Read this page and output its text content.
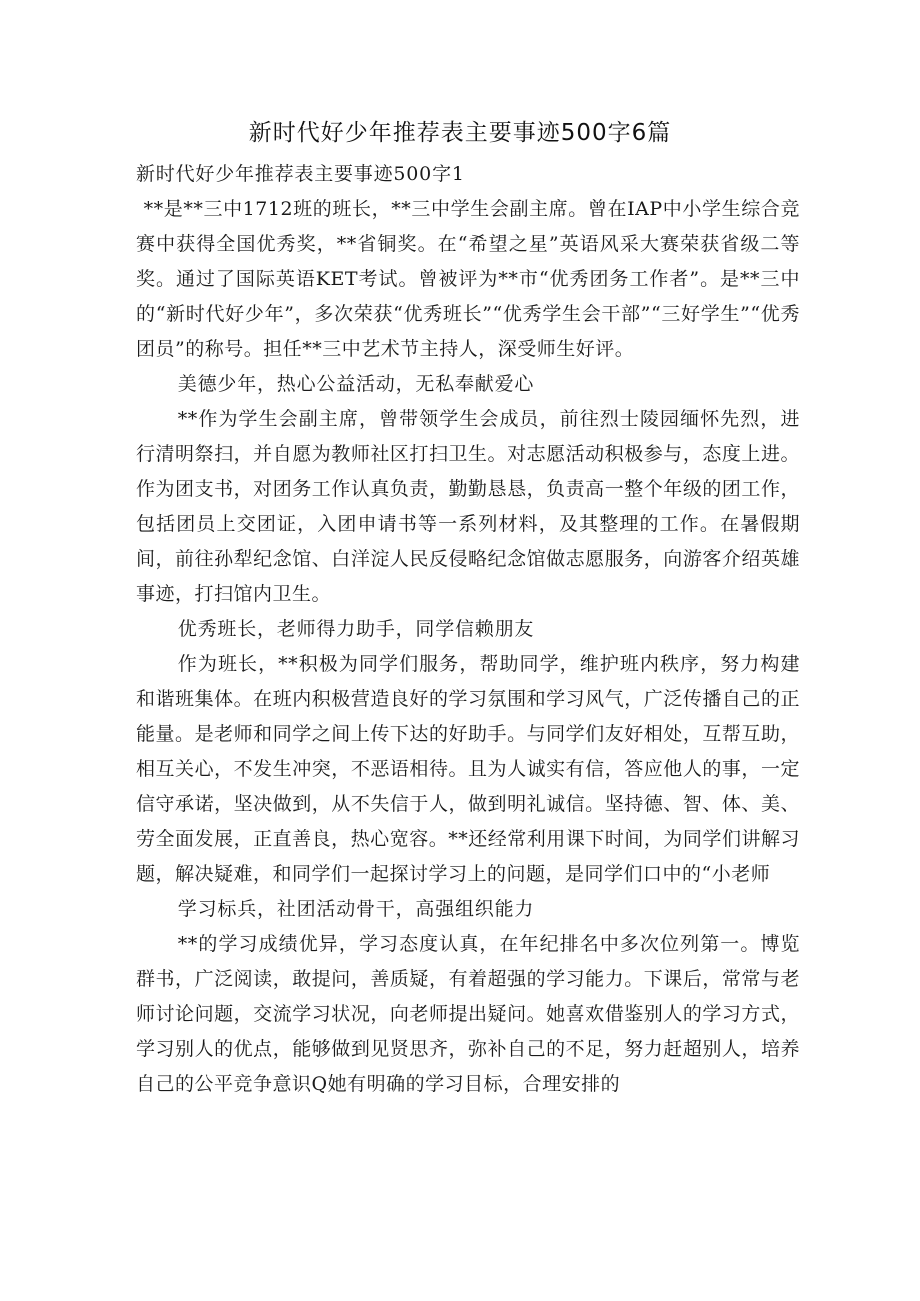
新时代好少年推荐表主要事迹500字6篇

新时代好少年推荐表主要事迹500字1

**是**三中1712班的班长，**三中学生会副主席。曾在IAP中小学生综合竞赛中获得全国优秀奖，**省铜奖。在“希望之星”英语风采大赛荣获省级二等奖。通过了国际英语KET考试。曾被评为**市“优秀团务工作者”。是**三中的“新时代好少年”，多次荣获“优秀班长”“优秀学生会干部”“三好学生”“优秀团员”的称号。担任**三中艺术节主持人，深受师生好评。

美德少年，热心公益活动，无私奉献爱心

**作为学生会副主席，曾带领学生会成员，前往烈士陵园缅怀先烈，进行清明祭扫，并自愿为教师社区打扫卫生。对志愿活动积极参与，态度上进。作为团支书，对团务工作认真负责，勤勤恳恳，负责高一整个年级的团工作，包括团员上交团证，入团申请书等一系列材料，及其整理的工作。在暑假期间，前往孙犁纪念馆、白洋淀人民反侵略纪念馆做志愿服务，向游客介绍英雄事迹，打扫馆内卫生。

优秀班长，老师得力助手，同学信赖朋友

作为班长，**积极为同学们服务，帮助同学，维护班内秩序，努力构建和谐班集体。在班内积极营造良好的学习氛围和学习风气，广泛传播自己的正能量。是老师和同学之间上传下达的好助手。与同学们友好相处，互帮互助，相互关心，不发生冲突，不恶语相待。且为人诚实有信，答应他人的事，一定信守承诺，坚决做到，从不失信于人，做到明礼诚信。坚持德、智、体、美、劳全面发展，正直善良，热心宽容。**还经常利用课下时间，为同学们讲解习题，解决疑难，和同学们一起探讨学习上的问题，是同学们口中的“小老师

学习标兵，社团活动骨干，高强组织能力

**的学习成绩优异，学习态度认真，在年纪排名中多次位列第一。博览群书，广泛阅读，敢提问，善质疑，有着超强的学习能力。下课后，常常与老师讨论问题，交流学习状况，向老师提出疑问。她喜欢借鉴别人的学习方式，学习别人的优点，能够做到见贤思齐，弥补自己的不足，努力赶超别人，培养自己的公平竞争意识Q她有明确的学习目标，合理安排的
